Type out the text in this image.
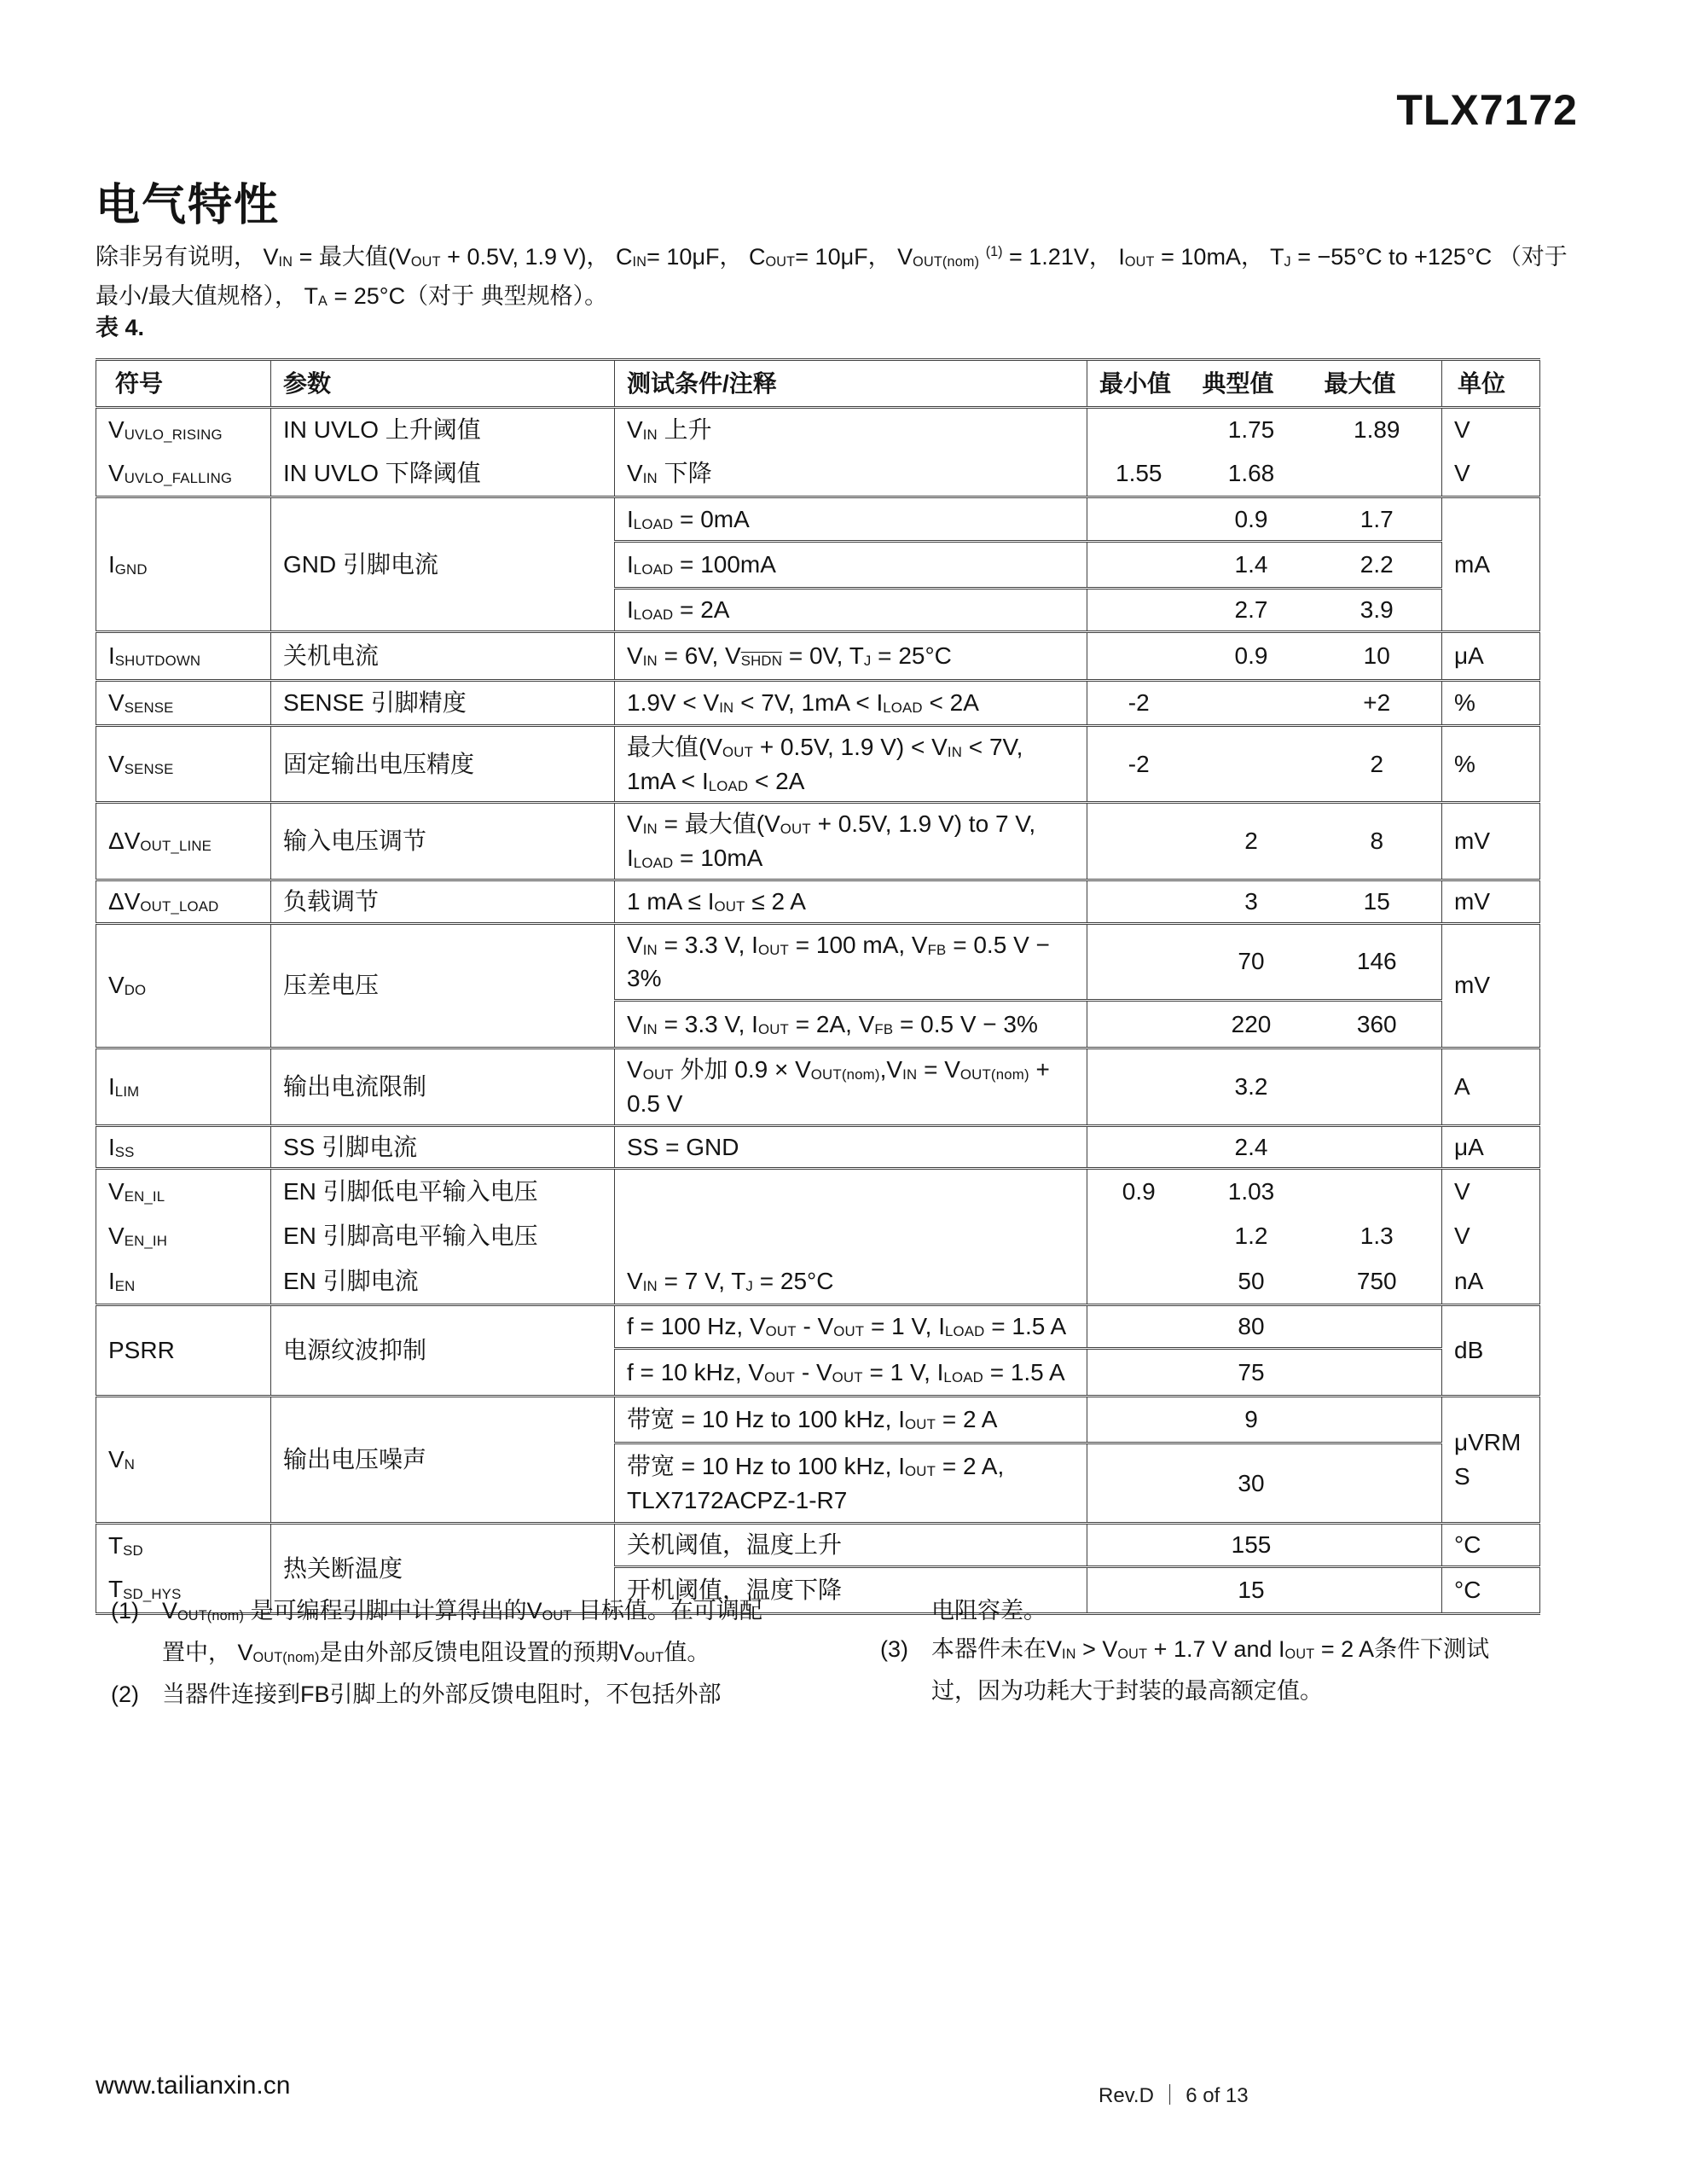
TLX7172
电气特性
除非另有说明， $V_{IN}$ = 最大值($V_{OUT} + 0.5V$, 1.9 V)， $C_{IN}= 10\mu F$， $C_{OUT}= 10\mu F$， $V_{OUT(nom)}$ $^{(1)}$ = 1.21V， $I_{OUT} = 10mA$， $T_J = -55^\circ C$ to +125°C （对于最小/最大值规格）， $T_A = 25^\circ C$（对于 典型规格）。
表 4.
符号	参数	测试条件/注释	最小值	典型值	最大值	单位
$V_{UVLO\_RISING}$	IN UVLO 上升阈值	$V_{IN}$ 上升		1.75	1.89	V
$V_{UVLO\_FALLING}$	IN UVLO 下降阈值	$V_{IN}$ 下降	1.55	1.68		V
$I_{GND}$	GND 引脚电流	$I_{LOAD} = 0mA$		0.9	1.7	mA
		$I_{LOAD} = 100mA$		1.4	2.2	
		$I_{LOAD} = 2A$		2.7	3.9	
$I_{SHUTDOWN}$	关机电流	$V_{IN} = 6V$, $V_{SHDN} = 0V$, $T_J = 25^\circ C$		0.9	10	μA
$V_{SENSE}$	SENSE 引脚精度	$1.9V < V_{IN} < 7V$, $1mA < I_{LOAD} < 2A$	-2		+2	%
$V_{SENSE}$	固定输出电压精度	最大值($V_{OUT} + 0.5V$, 1.9 $V) < V_{IN} < 7V$, $1mA < I_{LOAD} < 2A$	-2		2	%
$\Delta V_{OUT\_LINE}$	输入电压调节	$V_{IN}$ = 最大值($V_{OUT} + 0.5V$, 1.9 V) to 7 V, $I_{LOAD} = 10mA$		2	8	mV
$\Delta V_{OUT\_LOAD}$	负载调节	1 mA ≤ $I_{OUT} \le 2$ A		3	15	mV
$V_{DO}$	压差电压	$V_{IN} = 3.3$ V, $I_{OUT} = 100$ mA, $V_{FB} = 0.5$ V − 3%		70	146	mV
		$V_{IN} = 3.3$ V, $I_{OUT} = 2A$, $V_{FB} = 0.5$ V − 3%		220	360	
$I_{LIM}$	输出电流限制	$V_{OUT}$ 外加 $0.9 \times V_{OUT(nom)},V_{IN} = V_{OUT(nom)} + 0.5$ V		3.2		A
$I_{SS}$	SS 引脚电流	SS = GND		2.4		μA
$V_{EN\_IL}$	EN 引脚低电平输入电压		0.9	1.03		V
$V_{EN\_IH}$	EN 引脚高电平输入电压			1.2	1.3	V
$I_{EN}$	EN 引脚电流	$V_{IN} = 7$ V, $T_J = 25^\circ C$		50	750	nA
PSRR	电源纹波抑制	f = 100 Hz, $V_{OUT} - V_{OUT} = 1$ V, $I_{LOAD} = 1.5$ A		80		dB
		f = 10 kHz, $V_{OUT} - V_{OUT} = 1$ V, $I_{LOAD} = 1.5$ A		75		
$V_N$	输出电压噪声	带宽 = 10 Hz to 100 kHz, $I_{OUT} = 2$ A		9		μVRMS
		带宽 = 10 Hz to 100 kHz, $I_{OUT} = 2$ A, TLX7172ACPZ-1-R7		30		
$T_{SD}$	热关断温度	关机阈值，温度上升		155		°C
$T_{SD\_HYS}$		开机阈值，温度下降		15		°C
(1)	$V_{OUT(nom)}$ 是可编程引脚中计算得出的$V_{OUT}$ 目标值。在可调配置中， $V_{OUT(nom)}$是由外部反馈电阻设置的预期$V_{OUT}$值。
(2)	当器件连接到FB引脚上的外部反馈电阻时，不包括外部
电阻容差。
(3)	本器件未在$V_{IN} > V_{OUT} + 1.7$ V and $I_{OUT} = 2$ A条件下测试过，因为功耗大于封装的最高额定值。
www.tailianxin.cn	Rev.D ｜ 6 of 13
